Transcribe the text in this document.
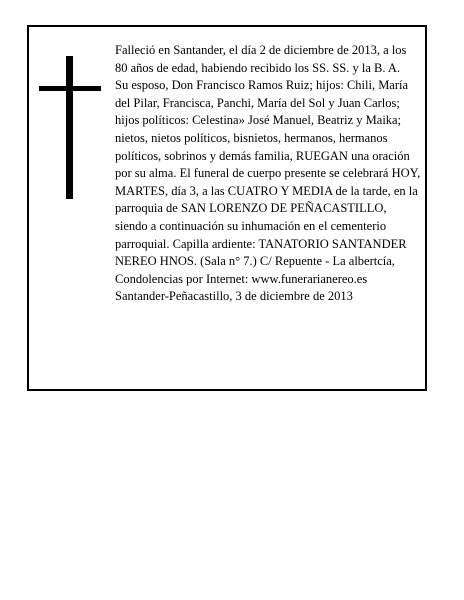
Falleció en Santander, el día 2 de diciembre de 2013, a los 80 años de edad, habiendo recibido los SS. SS. y la B. A.

Su esposo, Don Francisco Ramos Ruiz; hijos: Chili, María del Pilar, Francisca, Panchi, María del Sol y Juan Carlos; hijos políticos: Celestina» José Manuel, Beatriz y Maika; nietos, nietos políticos, bisnietos, hermanos, hermanos políticos, sobrinos y demás familia, RUEGAN una oración por su alma. El funeral de cuerpo presente se celebrará HOY, MARTES, día 3, a las CUATRO Y MEDIA de la tarde, en la parroquia de SAN LORENZO DE PEÑACASTILLO, siendo a continuación su inhumación en el cementerio parroquial. Capilla ardiente: TANATORIO SANTANDER NEREO HNOS. (Sala n° 7.) C/ Repuente - La albertcía,

Condolencias por Internet: www.funerarianereo.es

Santander-Peñacastillo, 3 de diciembre de 2013
